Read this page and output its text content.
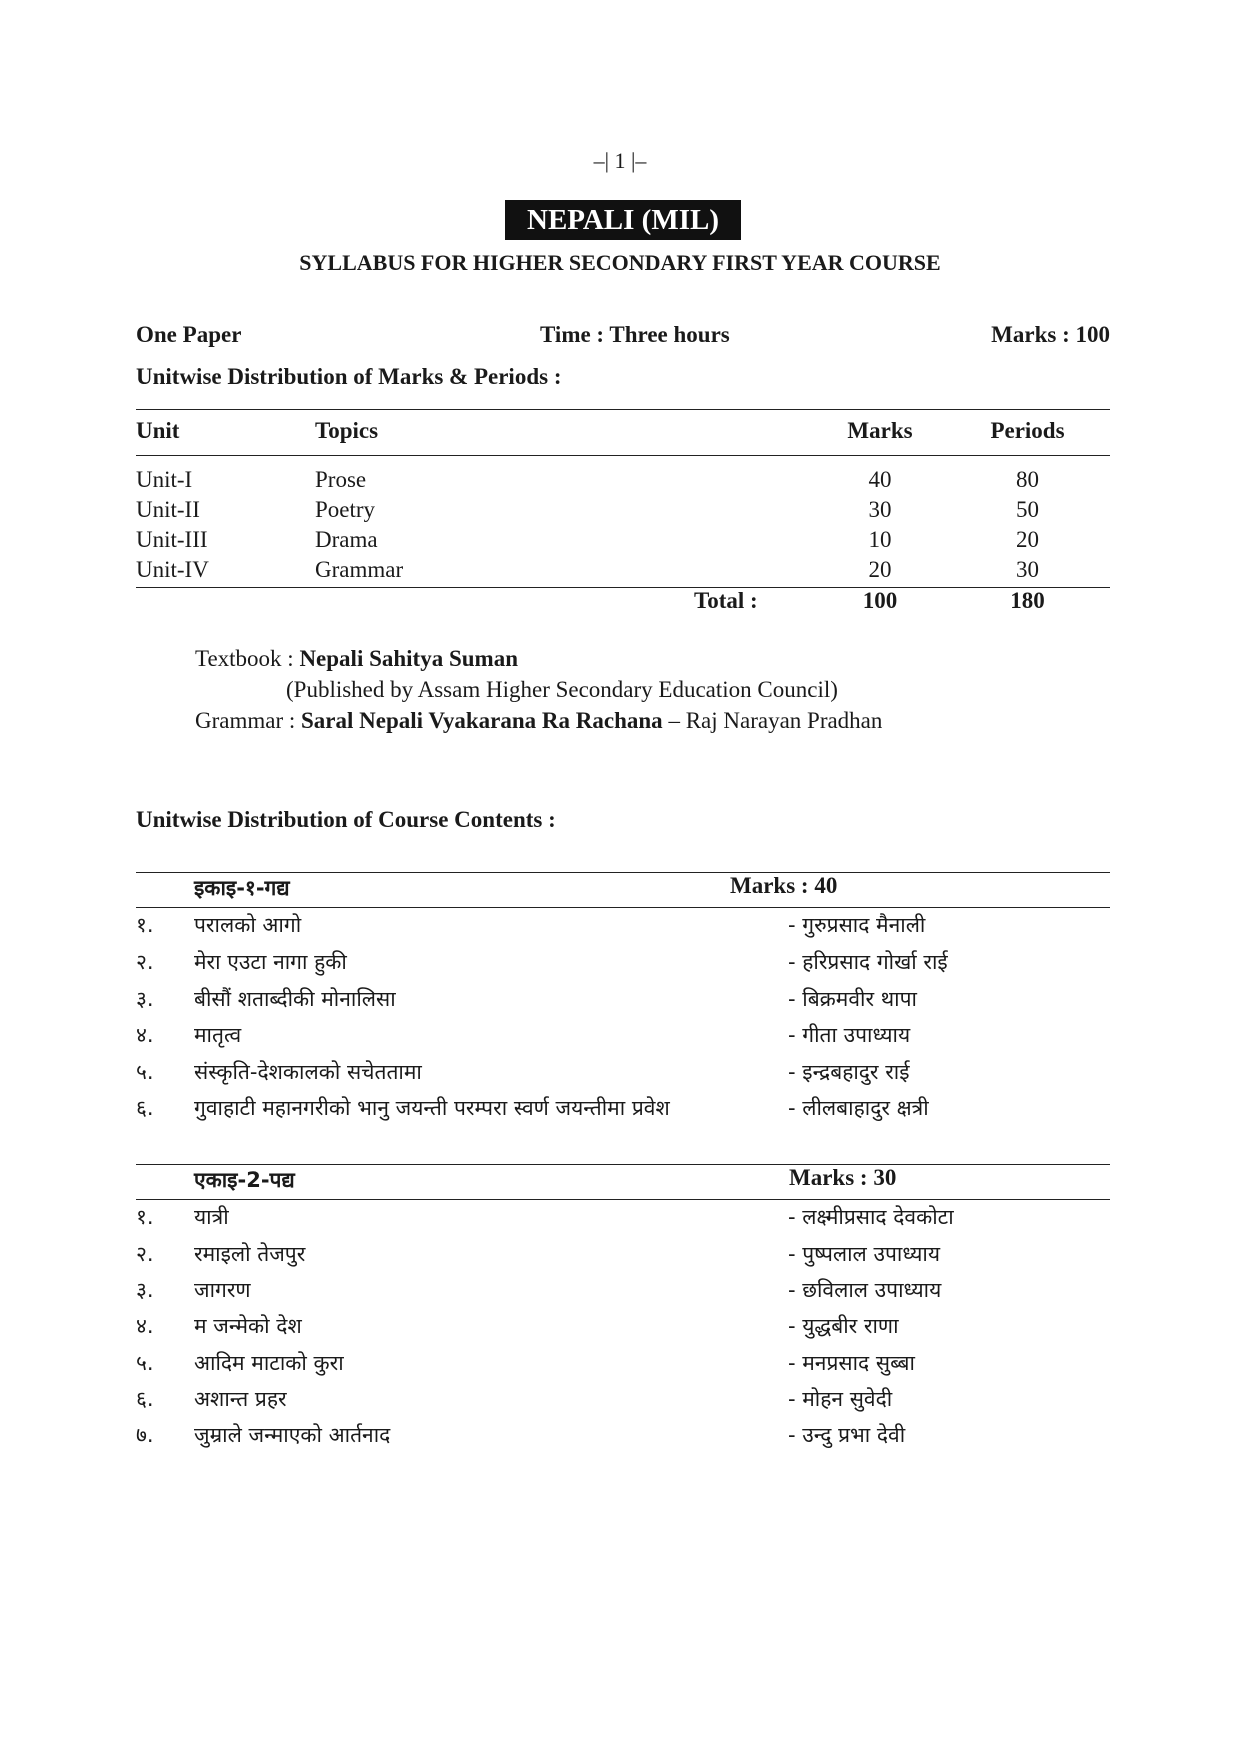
–| 1 |–
NEPALI (MIL)
SYLLABUS FOR HIGHER SECONDARY FIRST YEAR COURSE
One Paper	Time : Three hours	Marks : 100
Unitwise Distribution of Marks & Periods :
Unit	Topics	Marks	Periods
Unit-I	Prose	40	80
Unit-II	Poetry	30	50
Unit-III	Drama	10	20
Unit-IV	Grammar	20	30
Total :	100	180
Textbook : Nepali Sahitya Suman
(Published by Assam Higher Secondary Education Council)
Grammar : Saral Nepali Vyakarana Ra Rachana – Raj Narayan Pradhan
Unitwise Distribution of Course Contents :
इकाइ-१-गद्य	Marks : 40
१. परालको आगो	- गुरुप्रसाद मैनाली
२. मेरा एउटा नागा हुकी	- हरिप्रसाद गोर्खा राई
३. बीसौं शताब्दीकी मोनालिसा	- बिक्रमवीर थापा
४. मातृत्व	- गीता उपाध्याय
५. संस्कृति-देशकालको सचेततामा	- इन्द्रबहादुर राई
६. गुवाहाटी महानगरीको भानु जयन्ती परम्परा स्वर्ण जयन्तीमा प्रवेश	- लीलबाहादुर क्षत्री
एकाइ-2-पद्य	Marks : 30
१. यात्री	- लक्ष्मीप्रसाद देवकोटा
२. रमाइलो तेजपुर	- पुष्पलाल उपाध्याय
३. जागरण	- छविलाल उपाध्याय
४. म जन्मेको देश	- युद्धबीर राणा
५. आदिम माटाको कुरा	- मनप्रसाद सुब्बा
६. अशान्त प्रहर	- मोहन सुवेदी
७. जुम्राले जन्माएको आर्तनाद	- उन्दु प्रभा देवी
